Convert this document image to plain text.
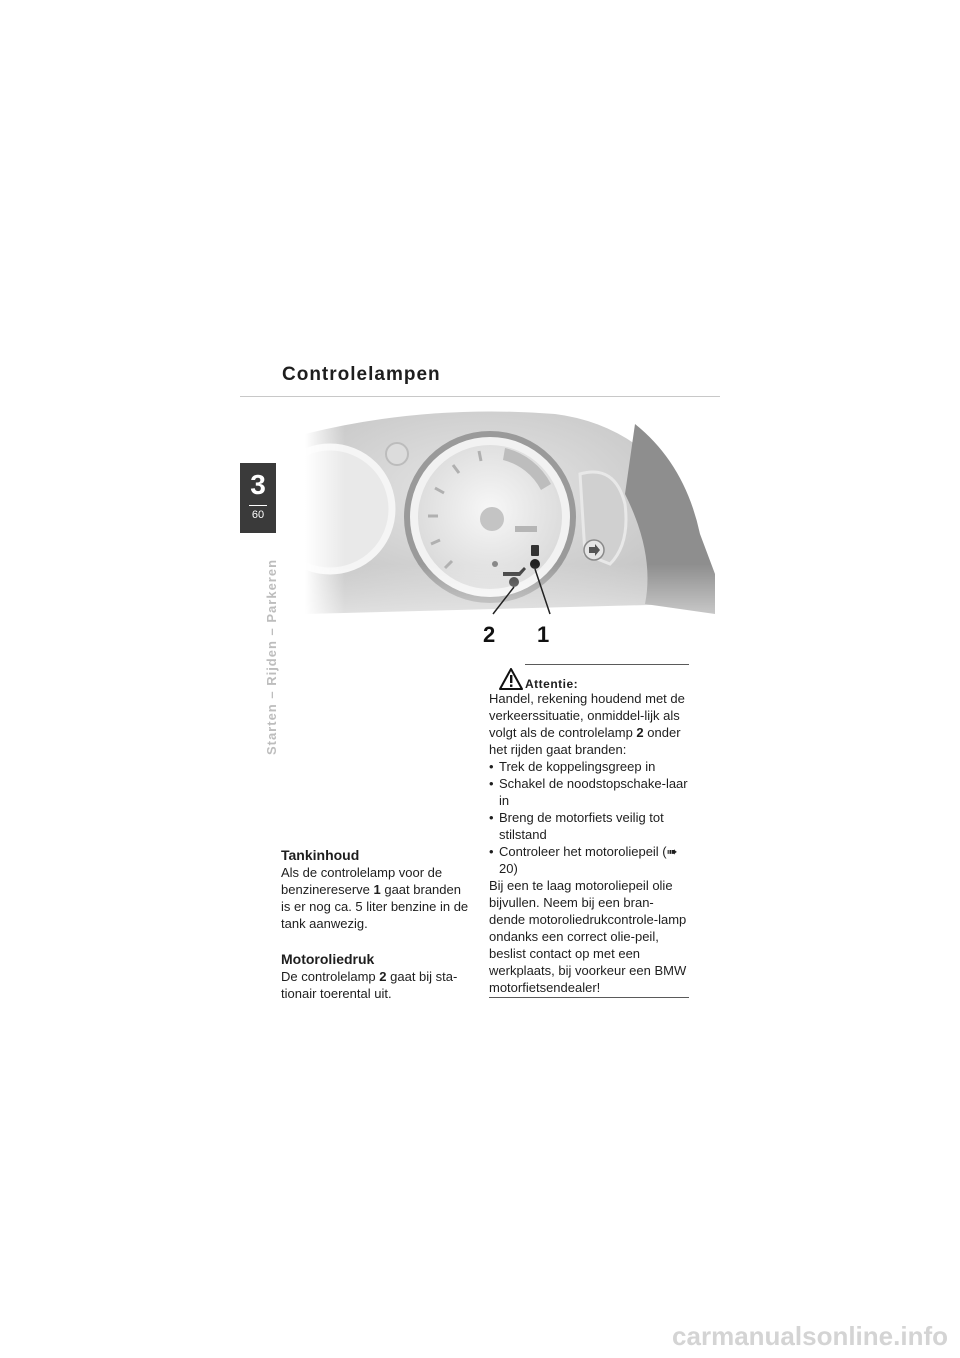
Controlelampen
3
60
Starten – Rijden – Parkeren	2 1
Tankinhoud

Als de controlelamp voor de benzinereserve 1 gaat branden is er nog ca. 5 liter benzine in de tank aanwezig.

Motoroliedruk

De controlelamp 2 gaat bij sta-tionair toerental uit.

Attentie:

Handel, rekening houdend met de verkeerssituatie, onmiddel-lijk als volgt als de controlelamp 2 onder het rijden gaat branden:

• Trek de koppelingsgreep in
• Schakel de noodstopschake-laar in
• Breng de motorfiets veilig tot stilstand
• Controleer het motoroliepeil (➠ 20)

Bij een te laag motoroliepeil olie bijvullen. Neem bij een bran-dende motoroliedrukcontrole-lamp ondanks een correct olie-peil, beslist contact op met een werkplaats, bij voorkeur een BMW motorfietsendealer!

carmanualsonline.info
